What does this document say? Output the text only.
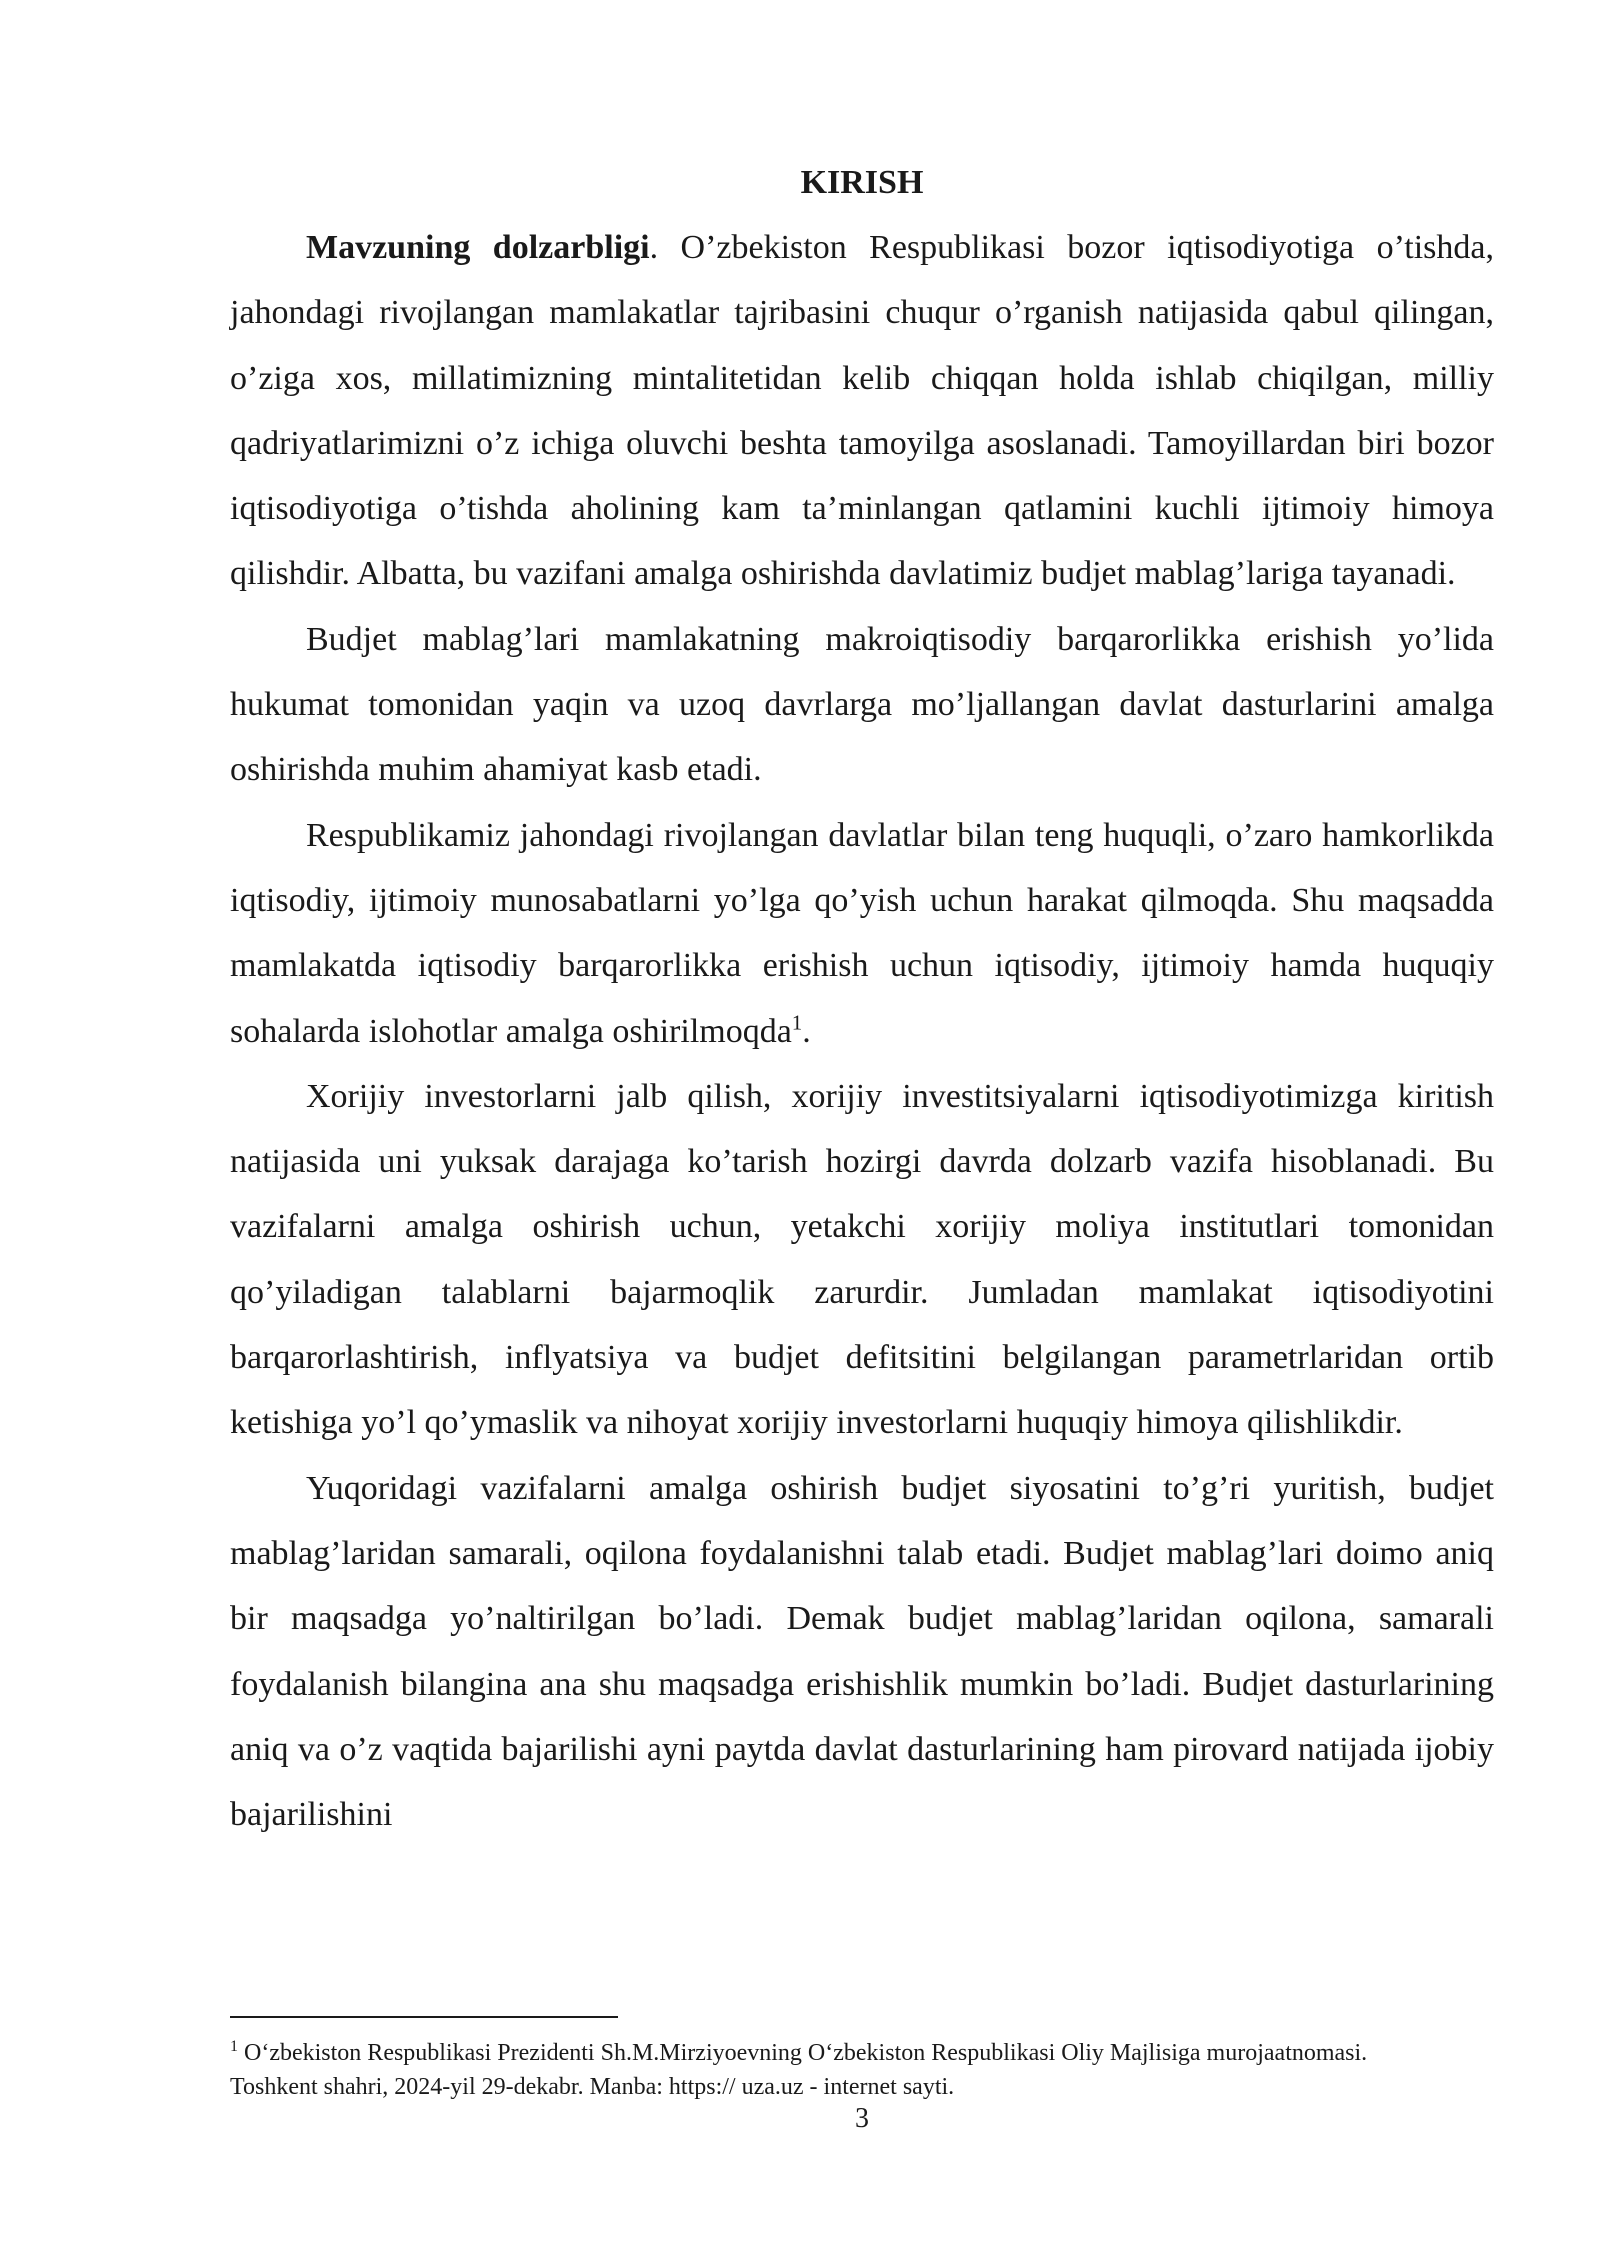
KIRISH

Mavzuning dolzarbligi. O’zbekiston Respublikasi bozor iqtisodiyotiga o’tishda, jahondagi rivojlangan mamlakatlar tajribasini chuqur o’rganish natijasida qabul qilingan, o’ziga xos, millatimizning mintalitetidan kelib chiqqan holda ishlab chiqilgan, milliy qadriyatlarimizni o’z ichiga oluvchi beshta tamoyilga asoslanadi. Tamoyillardan biri bozor iqtisodiyotiga o’tishda aholining kam ta’minlangan qatlamini kuchli ijtimoiy himoya qilishdir. Albatta, bu vazifani amalga oshirishda davlatimiz budjet mablag’lariga tayanadi.

Budjet mablag’lari mamlakatning makroiqtisodiy barqarorlikka erishish yo’lida hukumat tomonidan yaqin va uzoq davrlarga mo’ljallangan davlat dasturlarini amalga oshirishda muhim ahamiyat kasb etadi.

Respublikamiz jahondagi rivojlangan davlatlar bilan teng huquqli, o’zaro hamkorlikda iqtisodiy, ijtimoiy munosabatlarni yo’lga qo’yish uchun harakat qilmoqda. Shu maqsadda mamlakatda iqtisodiy barqarorlikka erishish uchun iqtisodiy, ijtimoiy hamda huquqiy sohalarda islohotlar amalga oshirilmoqda$^1$.

Xorijiy investorlarni jalb qilish, xorijiy investitsiyalarni iqtisodiyotimizga kiritish natijasida uni yuksak darajaga ko’tarish hozirgi davrda dolzarb vazifa hisoblanadi. Bu vazifalarni amalga oshirish uchun, yetakchi xorijiy moliya institutlari tomonidan qo’yiladigan talablarni bajarmoqlik zarurdir. Jumladan mamlakat iqtisodiyotini barqarorlashtirish, inflyatsiya va budjet defitsitini belgilangan parametrlaridan ortib ketishiga yo’l qo’ymaslik va nihoyat xorijiy investorlarni huquqiy himoya qilishlikdir.

Yuqoridagi vazifalarni amalga oshirish budjet siyosatini to’g’ri yuritish, budjet mablag’laridan samarali, oqilona foydalanishni talab etadi. Budjet mablag’lari doimo aniq bir maqsadga yo’naltirilgan bo’ladi. Demak budjet mablag’laridan oqilona, samarali foydalanish bilangina ana shu maqsadga erishishlik mumkin bo’ladi. Budjet dasturlarining aniq va o’z vaqtida bajarilishi ayni paytda davlat dasturlarining ham pirovard natijada ijobiy bajarilishini

$^1$ O‘zbekiston Respublikasi Prezidenti Sh.M.Mirziyoevning O‘zbekiston Respublikasi Oliy Majlisiga murojaatnomasi. Toshkent shahri, 2024-yil 29-dekabr. Manba: https:// uza.uz - internet sayti.
3
